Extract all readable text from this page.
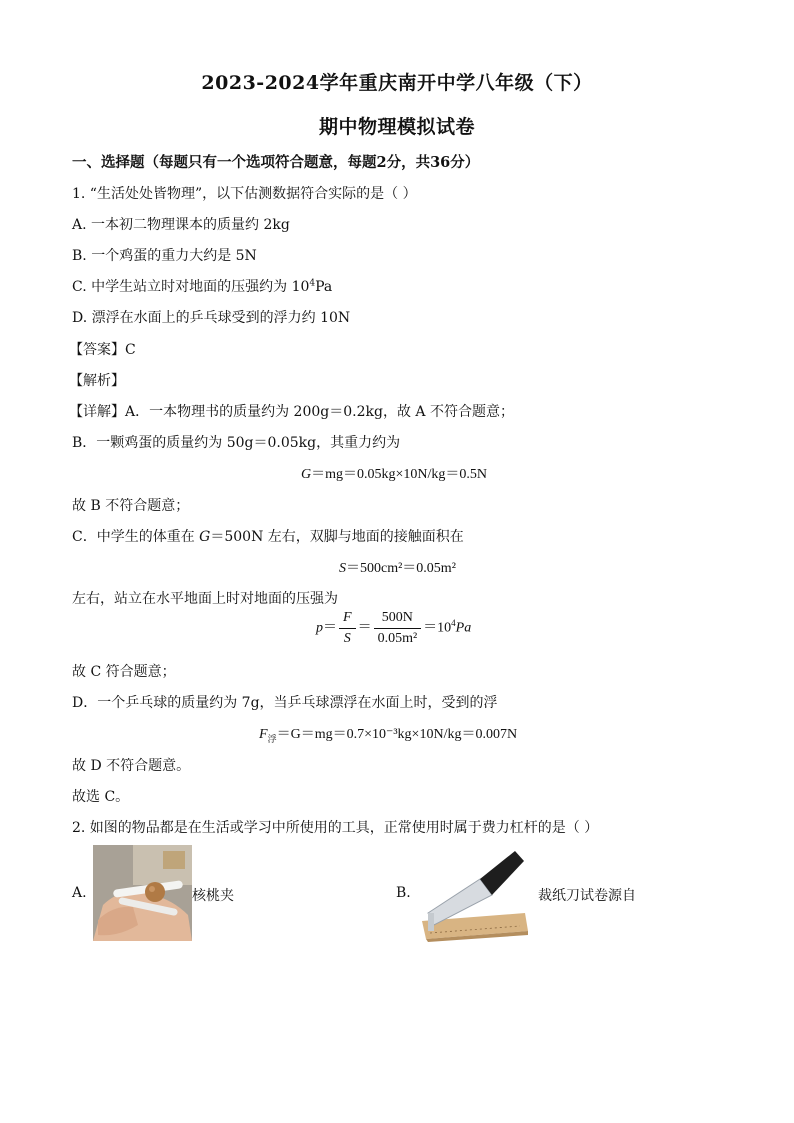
2023-2024学年重庆南开中学八年级（下）
期中物理模拟试卷
一、选择题（每题只有一个选项符合题意，每题2分，共36分）
1. “生活处处皆物理”，以下估测数据符合实际的是（ ）
A. 一本初二物理课本的质量约 2kg
B. 一个鸡蛋的重力大约是 5N
C. 中学生站立时对地面的压强约为 $10^4Pa$
D. 漂浮在水面上的乒乓球受到的浮力约 10N
【答案】C
【解析】
【详解】A．一本物理书的质量约为 200g＝0.2kg，故 A 不符合题意；
B．一颗鸡蛋的质量约为 50g＝0.05kg，其重力约为
G＝mg＝0.05kg×10N/kg＝0.5N
故 B 不符合题意；
C．中学生的体重在 G＝500N 左右，双脚与地面的接触面积在
S＝500cm²＝0.05m²
左右，站立在水平地面上时对地面的压强为
$p= \frac{F}{S} = \frac{500N}{\text{0.05m²}} =10^4Pa$
故 C 符合题意；
D．一个乒乓球的质量约为 7g，当乒乓球漂浮在水面上时，受到的浮
$F_浮=G=mg=0.7\times 10^{-3}kg\times 10N/kg=0.007N$
故 D 不符合题意。
故选 C。
2. 如图的物品都是在生活或学习中所使用的工具，正常使用时属于费力杠杆的是（ ）
A.	核桃夹	B.	裁纸刀试卷源自
